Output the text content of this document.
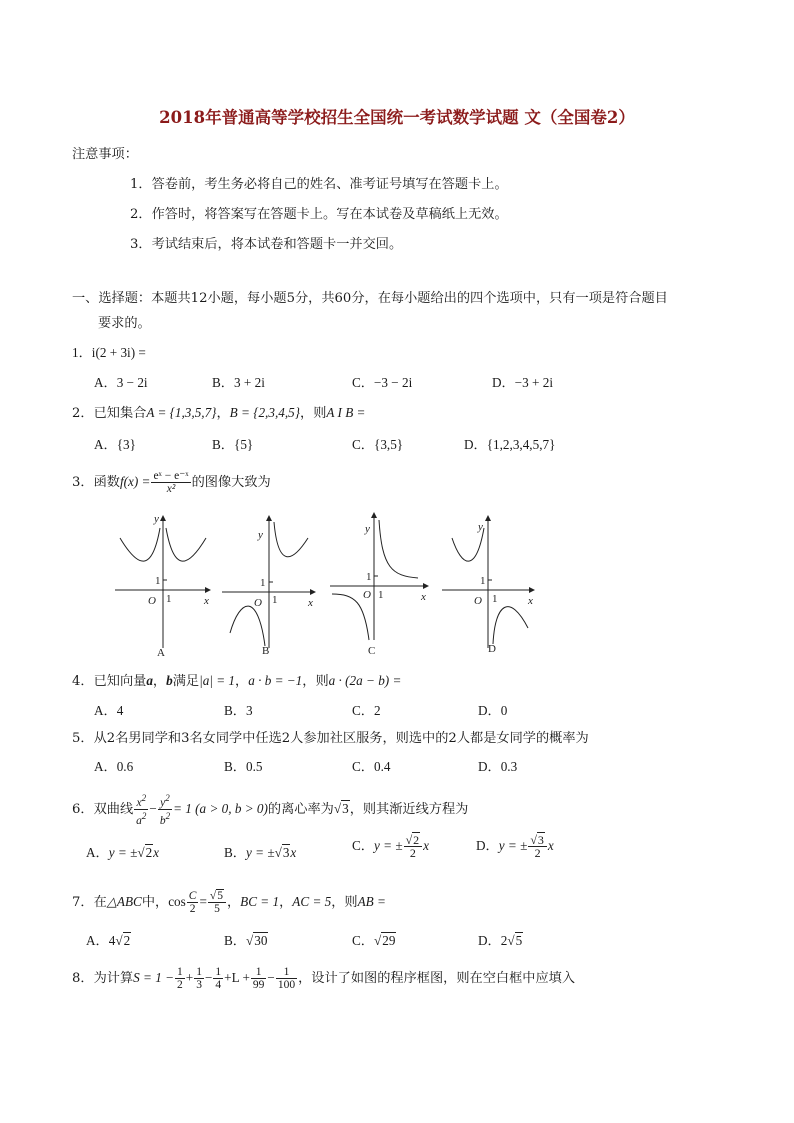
2018年普通高等学校招生全国统一考试数学试题 文（全国卷2）
注意事项：
1．答卷前，考生务必将自己的姓名、准考证号填写在答题卡上。
2．作答时，将答案写在答题卡上。写在本试卷及草稿纸上无效。
3．考试结束后，将本试卷和答题卡一并交回。
一、选择题：本题共12小题，每小题5分，共60分，在每小题给出的四个选项中，只有一项是符合题目
要求的。
1．i(2 + 3i) =
A．3 − 2i	B．3 + 2i	C．−3 − 2i	D．−3 + 2i
2．已知集合A = {1,3,5,7}，B = {2,3,4,5}，则A I B =
A．{3}	B．{5}	C．{3,5}	D．{1,2,3,4,5,7}
3．函数$f(x) = \frac{\text{eˣ − e⁻ˣ}}{\text{x²}}$ 的图像大致为
y
x
O
1
1
y
x
O
1
1
y
x
O
1
1
y
x
O
1
1
A	B	C	D
4．已知向量a，b满足|a| = 1，a · b = −1，则a · (2a − b) =
A．4	B．3	C．2	D．0
5．从2名男同学和3名女同学中任选2人参加社区服务，则选中的2人都是女同学的概率为
A．0.6	B．0.5	C．0.4	D．0.3
6．双曲线 $\frac{x^2}{a^2} - \frac{y^2}{b^2} = 1$ (a > 0, b > 0)的离心率为√3，则其渐近线方程为
A．y = ±√2x	B．y = ±√3x	C．y = ± $\frac{√2}{2}$ x	D．y = ± $\frac{√3}{2}$ x
7．在△ABC中，$\cos \frac{C}{2} = \frac{√5}{5}$ ，BC = 1，AC = 5，则AB =
A．4√2	B．√30	C．√29	D．2√5
8．为计算$S = 1 - \frac{1}{2} + \frac{1}{3} - \frac{1}{4} +L + \frac{1}{99} - \frac{1}{100}$ ，设计了如图的程序框图，则在空白框中应填入
